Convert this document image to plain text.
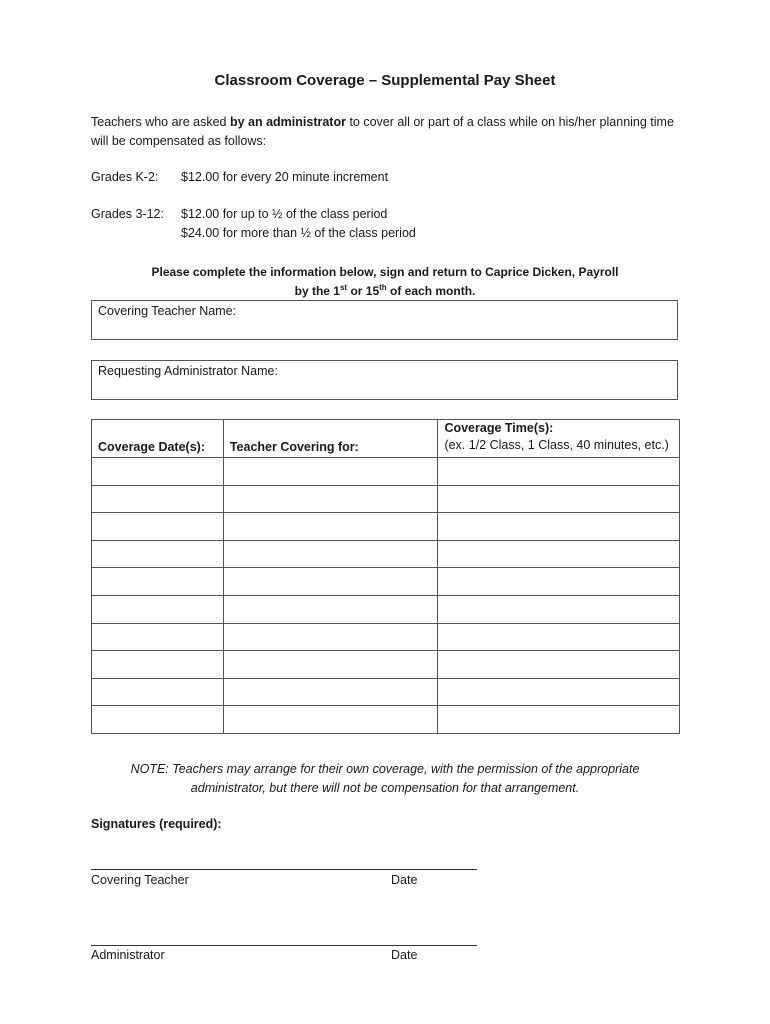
Classroom Coverage – Supplemental Pay Sheet
Teachers who are asked by an administrator to cover all or part of a class while on his/her planning time will be compensated as follows:
Grades K-2: $12.00 for every 20 minute increment
Grades 3-12: $12.00 for up to ½ of the class period
$24.00 for more than ½ of the class period
Please complete the information below, sign and return to Caprice Dicken, Payroll
by the 1st or 15th of each month.
Covering Teacher Name:
Requesting Administrator Name:
Coverage Date(s):	Teacher Covering for:	Coverage Time(s):
(ex. 1/2 Class, 1 Class, 40 minutes, etc.)

NOTE: Teachers may arrange for their own coverage, with the permission of the appropriate
administrator, but there will not be compensation for that arrangement.
Signatures (required):
Covering Teacher	Date
Administrator	Date
